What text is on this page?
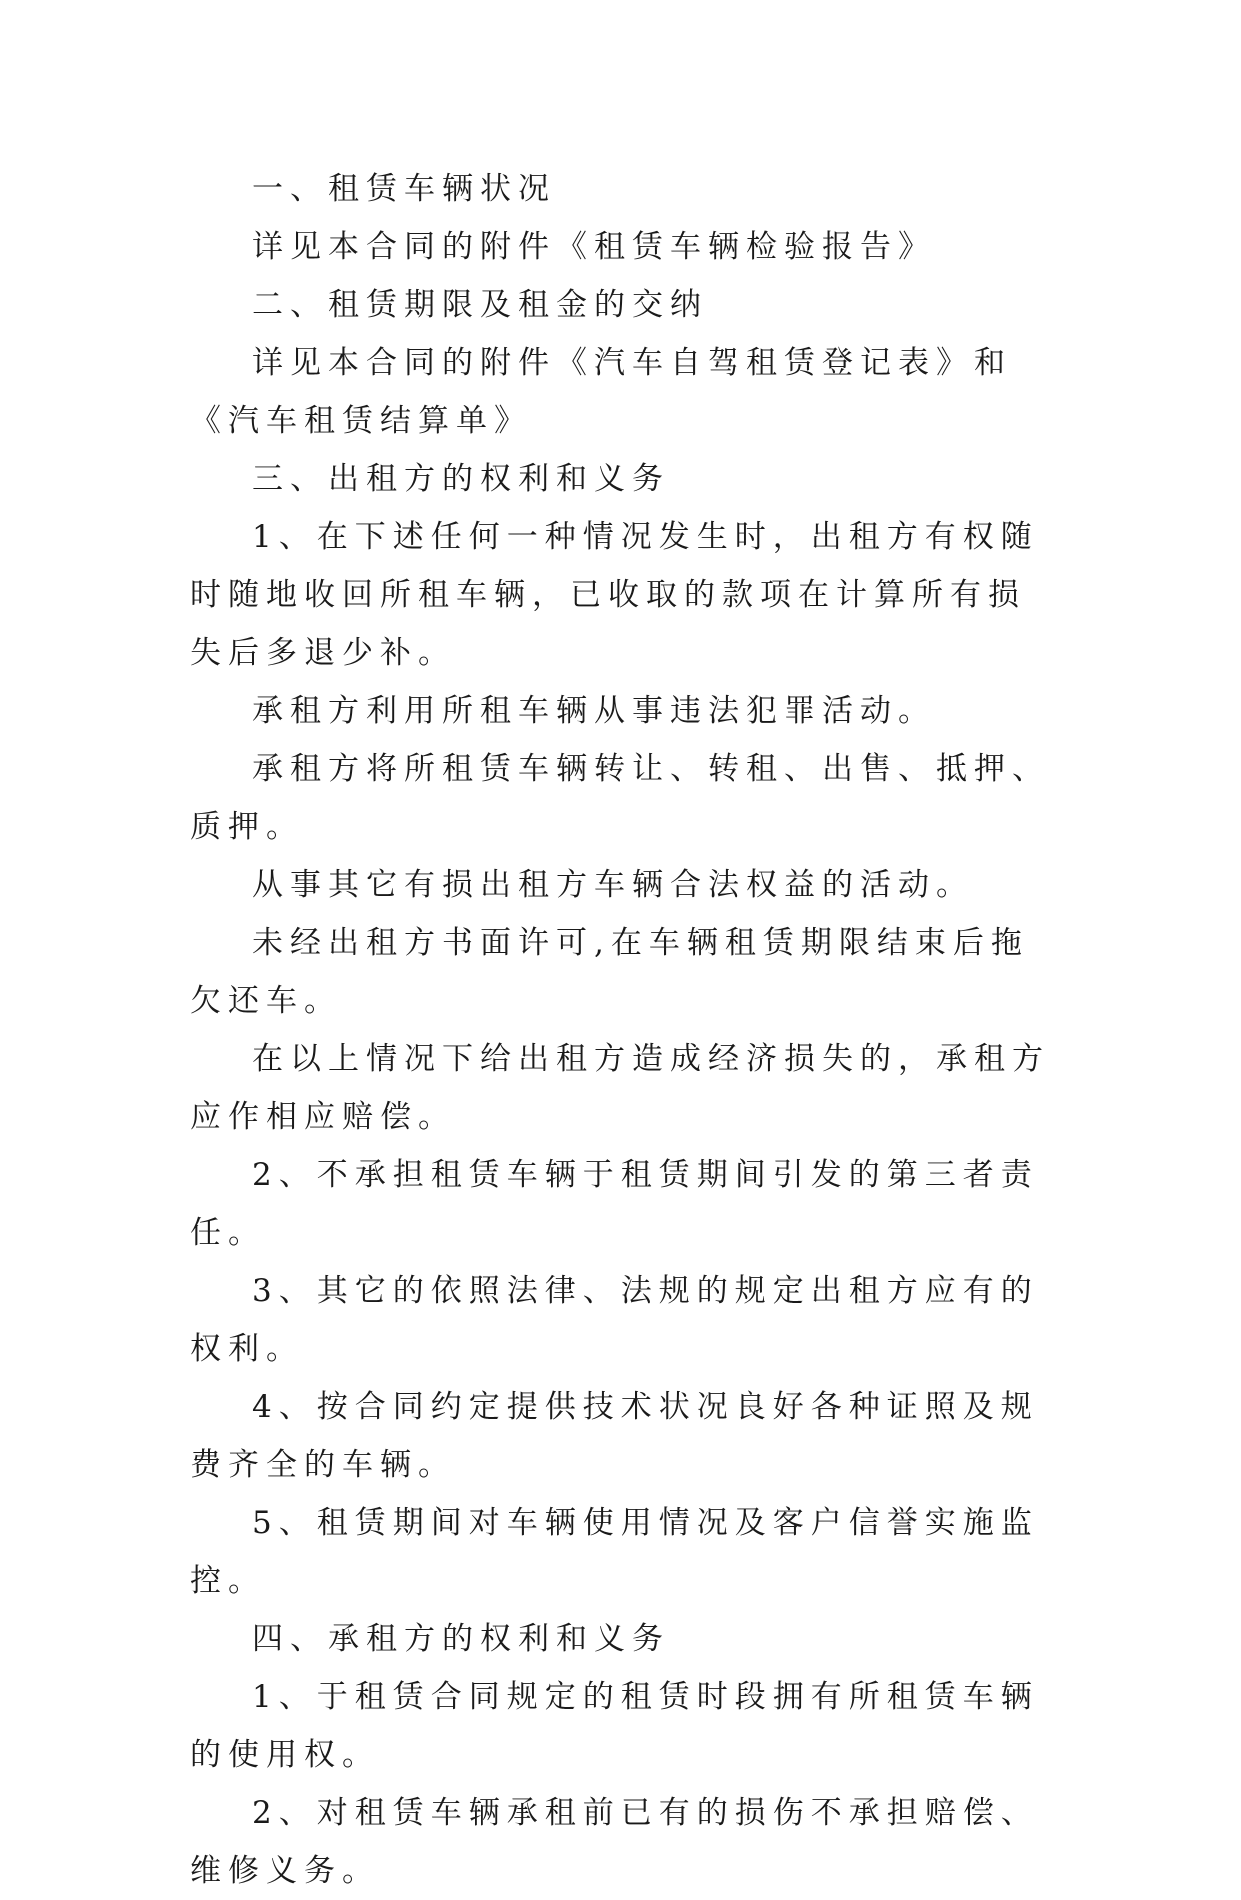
一、租赁车辆状况

详见本合同的附件《租赁车辆检验报告》

二、租赁期限及租金的交纳

详见本合同的附件《汽车自驾租赁登记表》和《汽车租赁结算单》

三、出租方的权利和义务

1、在下述任何一种情况发生时，出租方有权随时随地收回所租车辆，已收取的款项在计算所有损失后多退少补。

承租方利用所租车辆从事违法犯罪活动。

承租方将所租赁车辆转让、转租、出售、抵押、质押。

从事其它有损出租方车辆合法权益的活动。

未经出租方书面许可,在车辆租赁期限结束后拖欠还车。

在以上情况下给出租方造成经济损失的，承租方应作相应赔偿。

2、不承担租赁车辆于租赁期间引发的第三者责任。

3、其它的依照法律、法规的规定出租方应有的权利。

4、按合同约定提供技术状况良好各种证照及规费齐全的车辆。

5、租赁期间对车辆使用情况及客户信誉实施监控。

四、承租方的权利和义务

1、于租赁合同规定的租赁时段拥有所租赁车辆的使用权。

2、对租赁车辆承租前已有的损伤不承担赔偿、维修义务。
